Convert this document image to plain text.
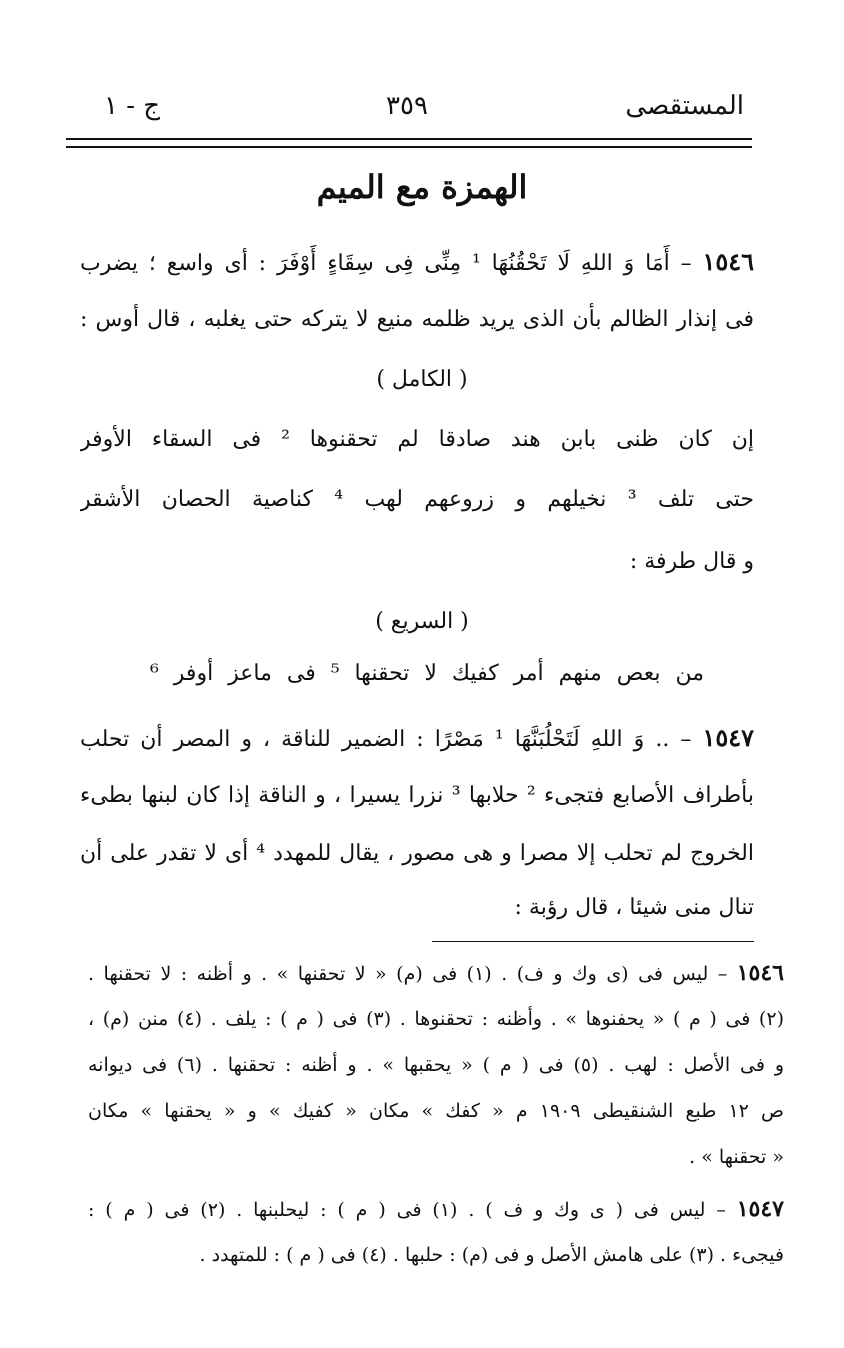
المستقصى
٣٥٩
ج - ١
الهمزة مع الميم
١٥٤٦ – أَمَا وَ اللهِ لَا تَحْقُنُهَا ¹ مِنِّى فِى سِقَاءٍ أَوْفَرَ : أى واسع ؛ يضرب
فى إنذار الظالم بأن الذى يريد ظلمه منيع لا يتركه حتى يغلبه ، قال أوس :
( الكامل )
إن كان ظنى بابن هند صادقا لم تحقنوها ² فى السقاء الأوفر
حتى تلف ³ نخيلهم و زروعهم لهب ⁴ كناصية الحصان الأشقر
و قال طرفة :
( السريع )
من بعص منهم أمر كفيك لا تحقنها ⁵ فى ماعز أوفر ⁶
١٥٤٧ – .. وَ اللهِ لَتَحْلُبَنَّهَا ¹ مَصْرًا : الضمير للناقة ، و المصر أن تحلب
بأطراف الأصابع فتجىء ² حلابها ³ نزرا يسيرا ، و الناقة إذا كان لبنها بطىء
الخروج لم تحلب إلا مصرا و هى مصور ، يقال للمهدد ⁴ أى لا تقدر على أن
تنال منى شيئا ، قال رؤبة :
١٥٤٦ – ليس فى (ى وك و ف) . (١) فى (م) « لا تحقنها » . و أظنه : لا تحقنها .
(٢) فى ( م ) « يحفنوها » . وأظنه : تحقنوها . (٣) فى ( م ) : يلف . (٤) منن (م) ،
و فى الأصل : لهب . (٥) فى ( م ) « يحقبها » . و أظنه : تحقنها . (٦) فى ديوانه
ص ١٢ طبع الشنقيطى ١٩٠٩ م « كفك » مكان « كفيك » و « يحقنها » مكان
« تحقنها » .
١٥٤٧ – ليس فى ( ى وك و ف ) . (١) فى ( م ) : ليحلبنها . (٢) فى ( م ) :
فيجىء . (٣) على هامش الأصل و فى (م) : حلبها . (٤) فى ( م ) : للمتهدد .
